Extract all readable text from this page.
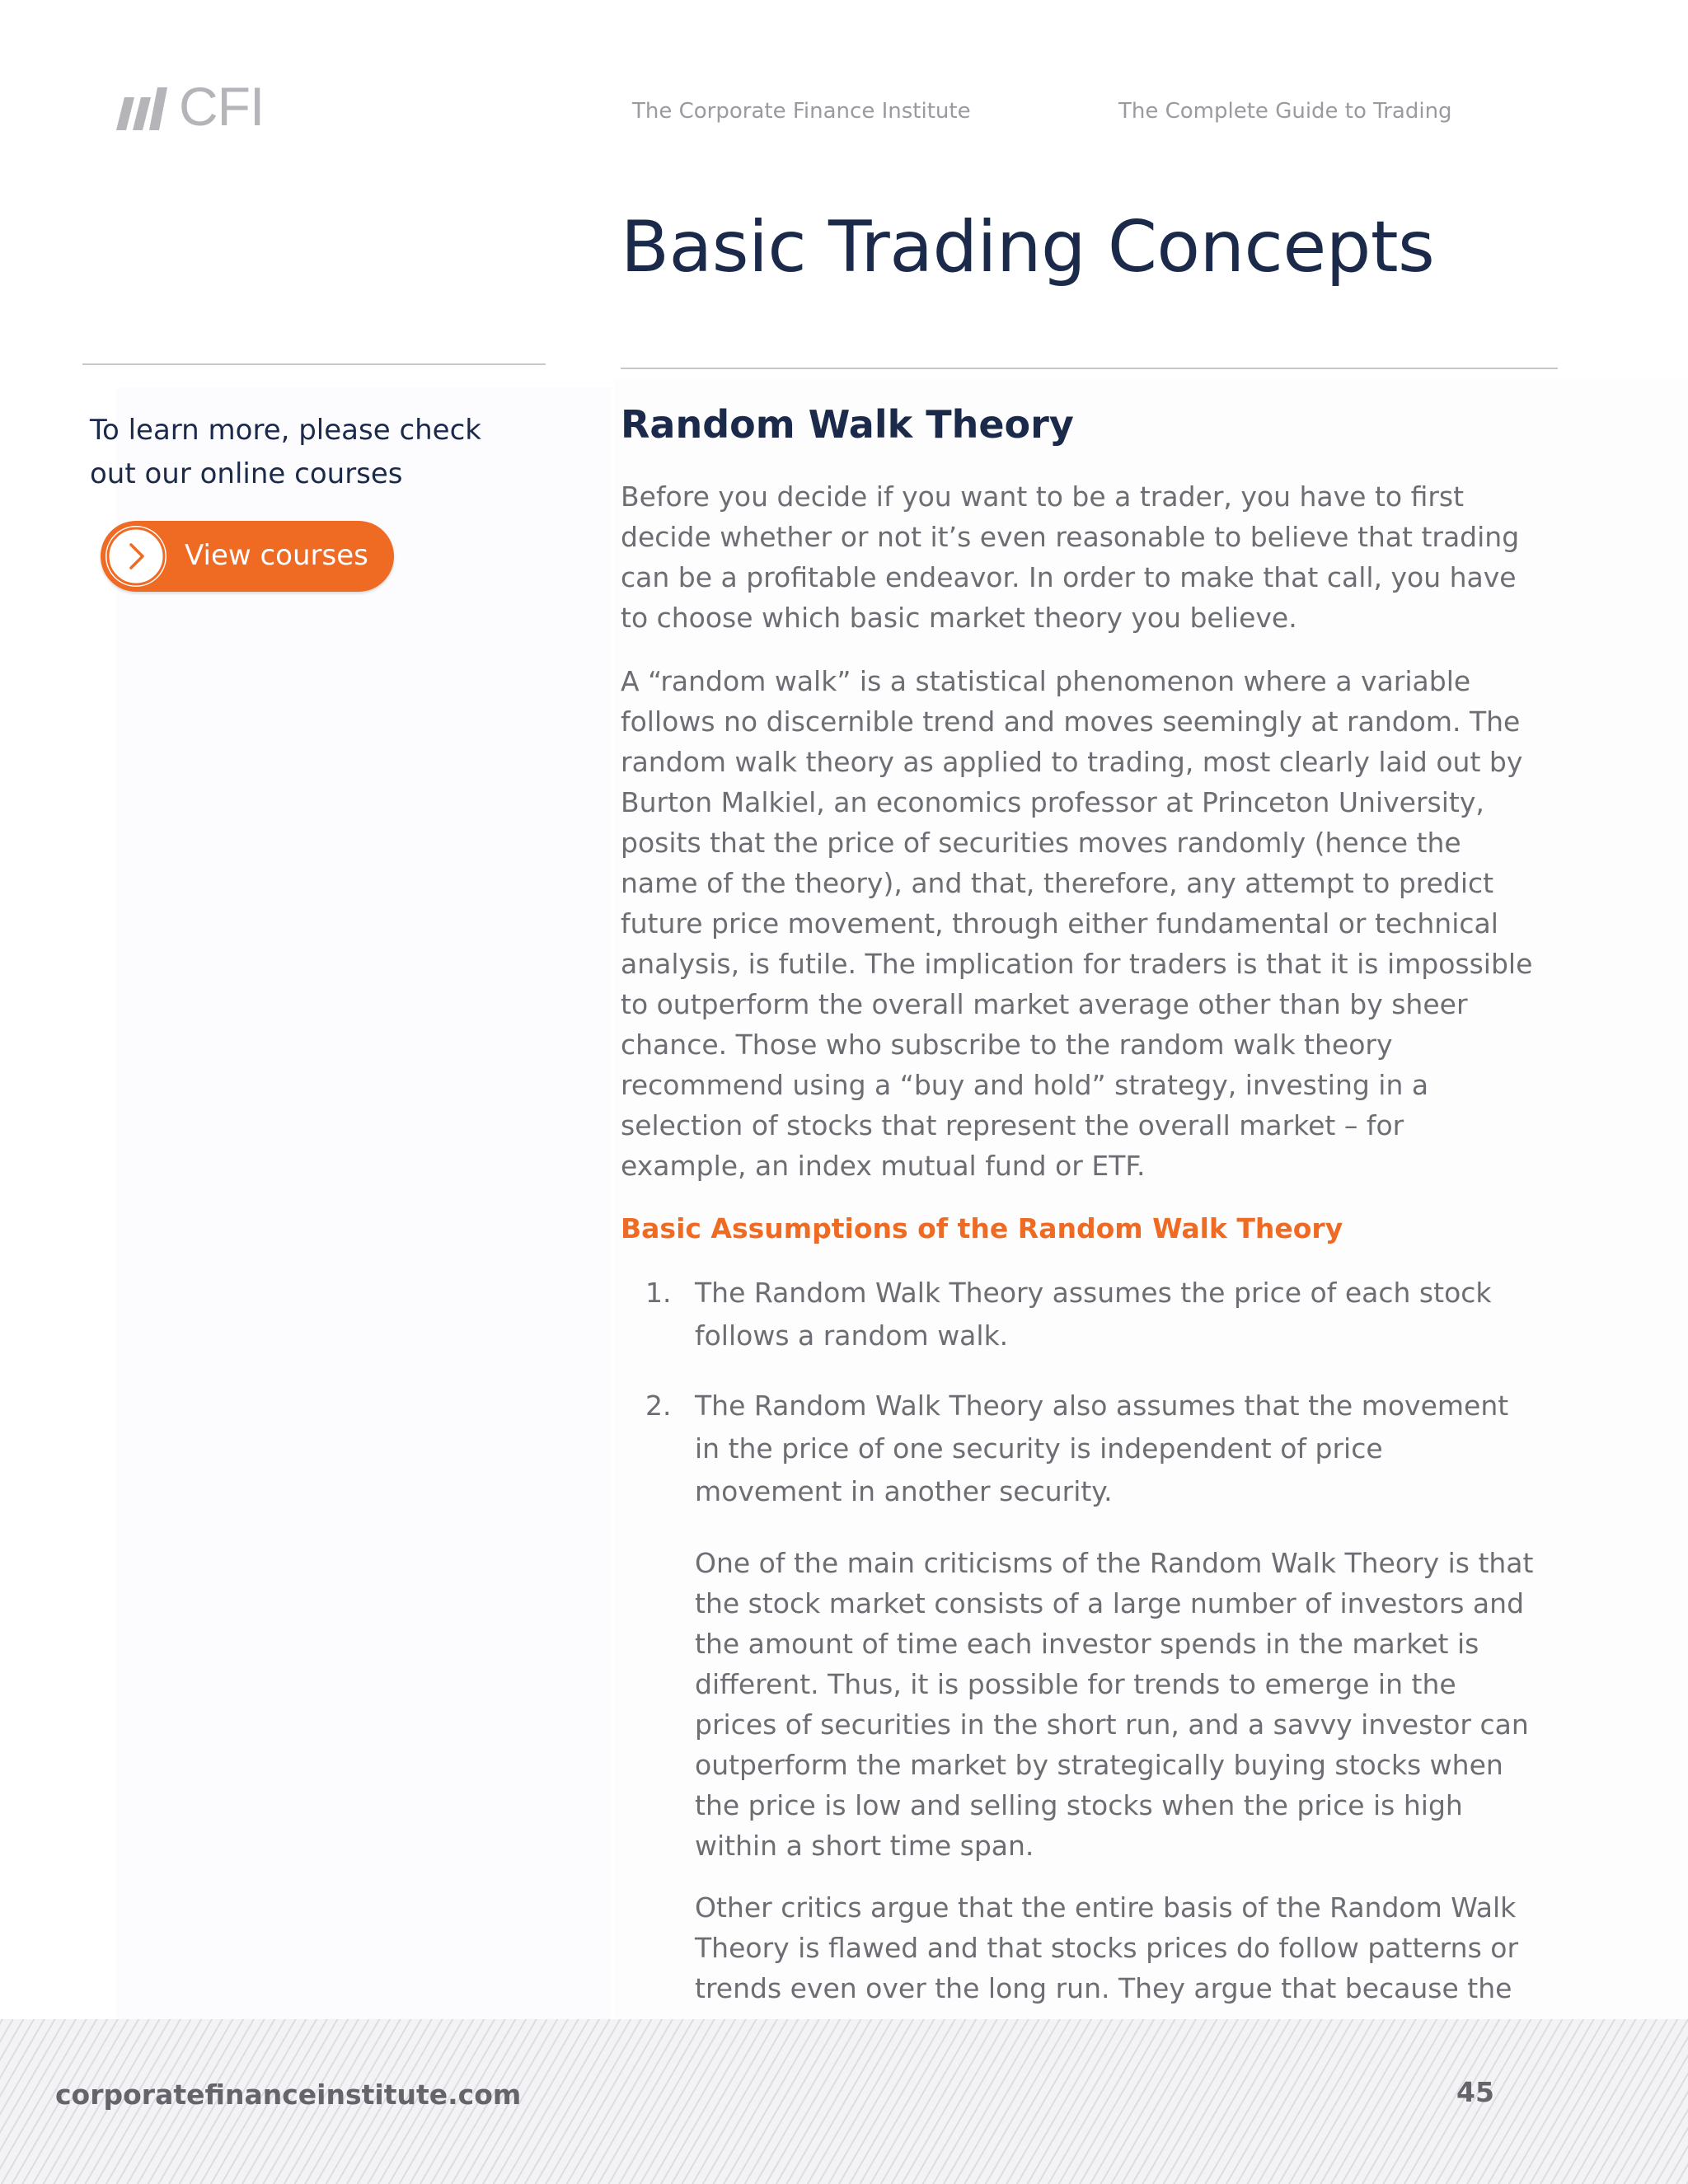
CFI	The Corporate Finance Institute	The Complete Guide to Trading
Basic Trading Concepts
To learn more, please check out our online courses
View courses
Random Walk Theory

Before you decide if you want to be a trader, you have to first decide whether or not it’s even reasonable to believe that trading can be a profitable endeavor. In order to make that call, you have to choose which basic market theory you believe.

A “random walk” is a statistical phenomenon where a variable follows no discernible trend and moves seemingly at random. The random walk theory as applied to trading, most clearly laid out by Burton Malkiel, an economics professor at Princeton University, posits that the price of securities moves randomly (hence the name of the theory), and that, therefore, any attempt to predict future price movement, through either fundamental or technical analysis, is futile. The implication for traders is that it is impossible to outperform the overall market average other than by sheer chance. Those who subscribe to the random walk theory recommend using a “buy and hold” strategy, investing in a selection of stocks that represent the overall market – for example, an index mutual fund or ETF.

Basic Assumptions of the Random Walk Theory
1. The Random Walk Theory assumes the price of each stock follows a random walk.
2. The Random Walk Theory also assumes that the movement in the price of one security is independent of price movement in another security.

One of the main criticisms of the Random Walk Theory is that the stock market consists of a large number of investors and the amount of time each investor spends in the market is different. Thus, it is possible for trends to emerge in the prices of securities in the short run, and a savvy investor can outperform the market by strategically buying stocks when the price is low and selling stocks when the price is high within a short time span.

Other critics argue that the entire basis of the Random Walk Theory is flawed and that stocks prices do follow patterns or trends even over the long run. They argue that because the

corporatefinanceinstitute.com	45
